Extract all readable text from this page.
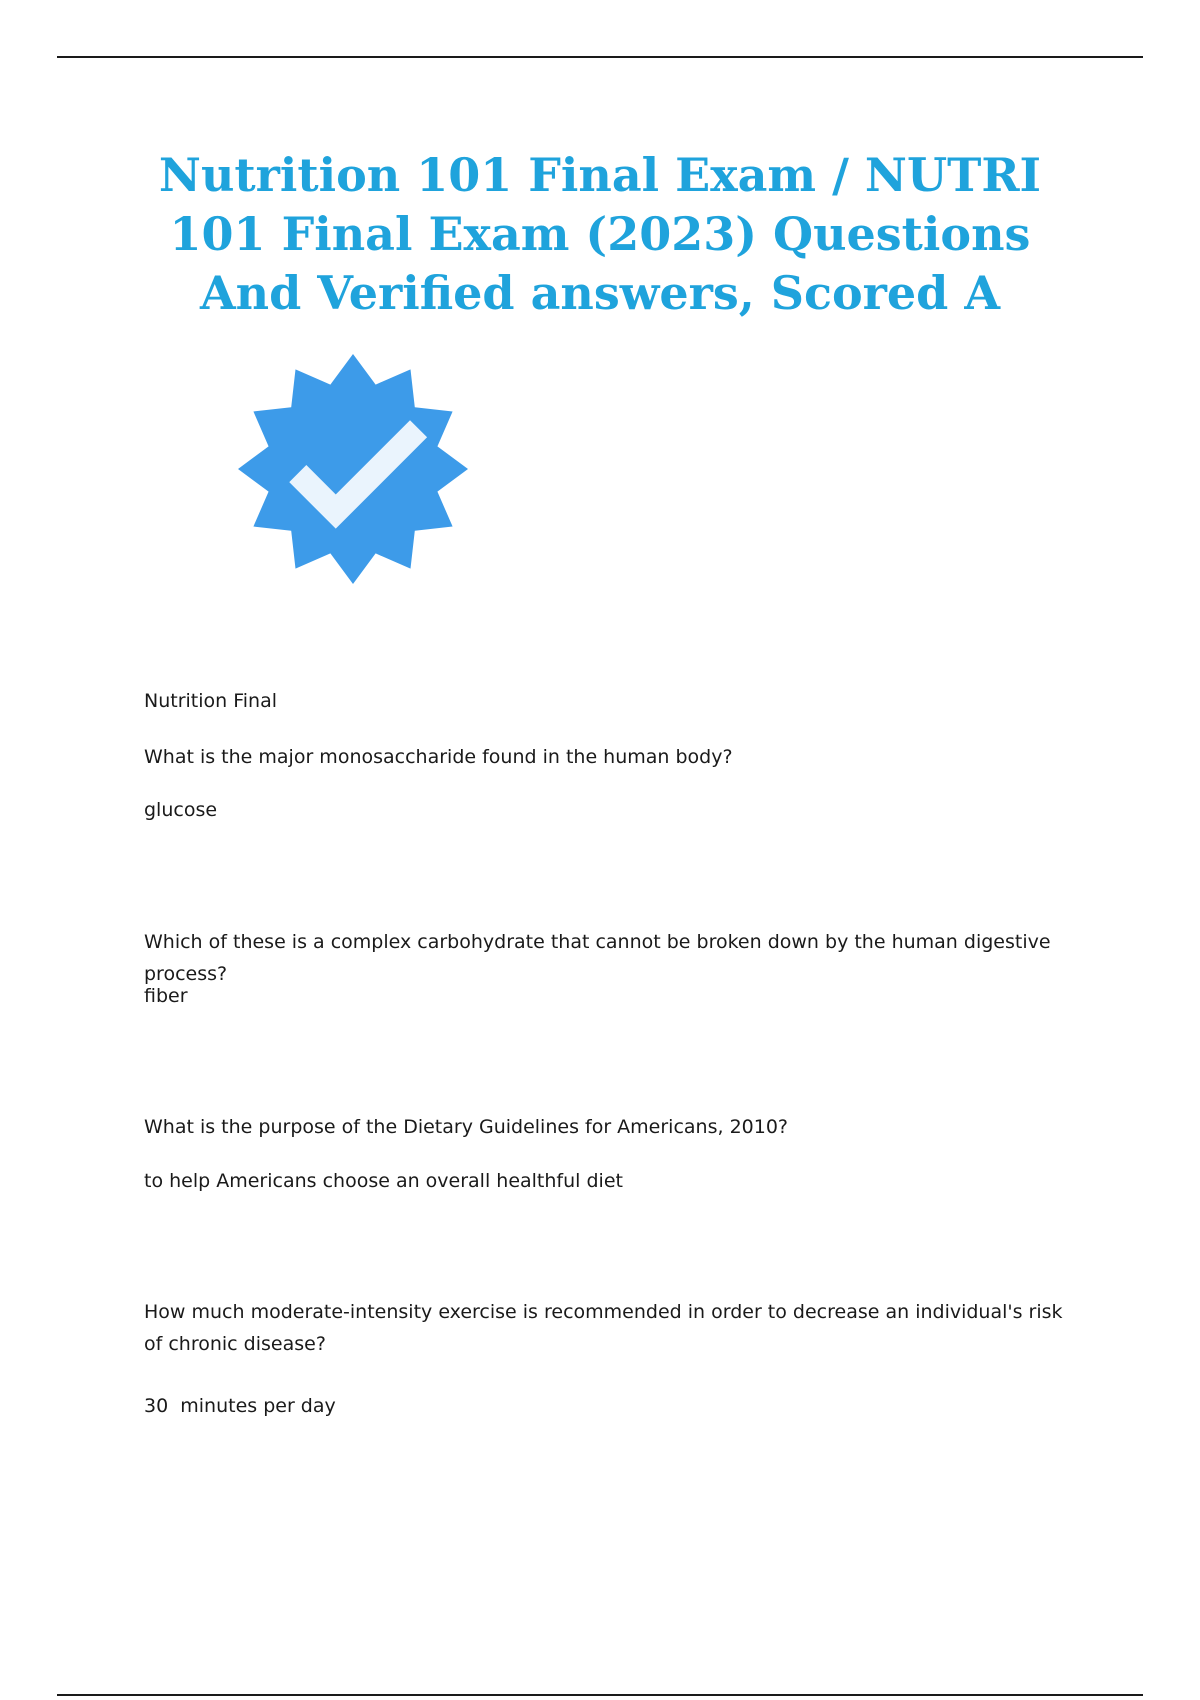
Nutrition 101 Final Exam / NUTRI 101 Final Exam (2023) Questions And Verified answers, Scored A

Nutrition Final

What is the major monosaccharide found in the human body?

glucose

Which of these is a complex carbohydrate that cannot be broken down by the human digestive process?

fiber

What is the purpose of the Dietary Guidelines for Americans, 2010?

to help Americans choose an overall healthful diet

How much moderate-intensity exercise is recommended in order to decrease an individual's risk of chronic disease?

30  minutes per day
